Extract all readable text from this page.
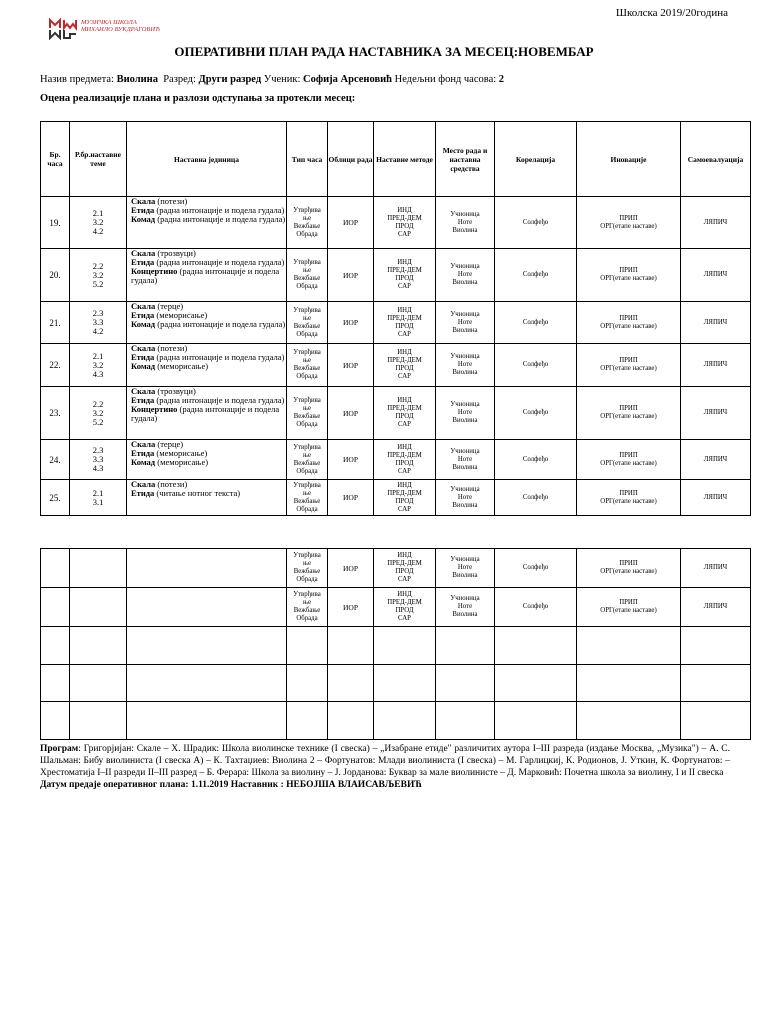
МУЗИЧКА ШКОЛА
МИХАИЛО ВУКДРАГОВИЋ
Школска 2019/20година
ОПЕРАТИВНИ ПЛАН РАДА НАСТАВНИКА ЗА МЕСЕЦ:НОВЕМБАР
Назив предмета: Виолина Разред: Други разред Ученик: Софија Арсеновић Недељни фонд часова: 2
Оцена реализације плана и разлози одступања за протекли месец:
Бр. часа	Р.бр.наставне теме	Наставна јединица	Тип часа	Облици рада	Наставне методе	Место рада и наставна средства	Корелација	Иновације	Самоевалуација
19.	2.1
3.2
4.2	Скала (потези)
Етида (радна интонације и подела гудала)
Комад (радна интонације и подела гудала)	Утврђива
ње
Вежбање
Обрада	ИОР	ИНД
ПРЕД-ДЕМ
ПРОД
САР	Учионица
Ноте
Виолина	Солфеђо	ПРИП
ОРГ(етапе наставе)	ЛЯПИЧ
20.	2.2
3.2
5.2	Скала (трозвуци)
Етида (радна интонације и подела гудала)
Концертино (радна интонације и подела гудала)	Утврђива
ње
Вежбање
Обрада	ИОР	ИНД
ПРЕД-ДЕМ
ПРОД
САР	Учионица
Ноте
Виолина	Солфеђо	ПРИП
ОРГ(етапе наставе)	ЛЯПИЧ
21.	2.3
3.3
4.2	Скала (терце)
Етида (меморисање)
Комад (радна интонације и подела гудала)	Утврђива
ње
Вежбање
Обрада	ИОР	ИНД
ПРЕД-ДЕМ
ПРОД
САР	Учионица
Ноте
Виолина	Солфеђо	ПРИП
ОРГ(етапе наставе)	ЛЯПИЧ
22.	2.1
3.2
4.3	Скала (потези)
Етида (радна интонације и подела гудала)
Комад (меморисање)	Утврђива
ње
Вежбање
Обрада	ИОР	ИНД
ПРЕД-ДЕМ
ПРОД
САР	Учионица
Ноте
Виолина	Солфеђо	ПРИП
ОРГ(етапе наставе)	ЛЯПИЧ
23.	2.2
3.2
5.2	Скала (трозвуци)
Етида (радна интонације и подела гудала)
Концертино (радна интонације и подела гудала)	Утврђива
ње
Вежбање
Обрада	ИОР	ИНД
ПРЕД-ДЕМ
ПРОД
САР	Учионица
Ноте
Виолина	Солфеђо	ПРИП
ОРГ(етапе наставе)	ЛЯПИЧ
24.	2.3
3.3
4.3	Скала (терце)
Етида (меморисање)
Комад (меморисање)	Утврђива
ње
Вежбање
Обрада	ИОР	ИНД
ПРЕД-ДЕМ
ПРОД
САР	Учионица
Ноте
Виолина	Солфеђо	ПРИП
ОРГ(етапе наставе)	ЛЯПИЧ
25.	2.1
3.1	Скала (потези)
Етида (читање нотног текста)	Утврђива
ње
Вежбање
Обрада	ИОР	ИНД
ПРЕД-ДЕМ
ПРОД
САР	Учионица
Ноте
Виолина	Солфеђо	ПРИП
ОРГ(етапе наставе)	ЛЯПИЧ

			Утврђива
ње
Вежбање
Обрада	ИОР	ИНД
ПРЕД-ДЕМ
ПРОД
САР	Учионица
Ноте
Виолина	Солфеђо	ПРИП
ОРГ(етапе наставе)	ЛЯПИЧ

			Утврђива
ње
Вежбање
Обрада	ИОР	ИНД
ПРЕД-ДЕМ
ПРОД
САР	Учионица
Ноте
Виолина	Солфеђо	ПРИП
ОРГ(етапе наставе)	ЛЯПИЧ

Програм: Григорјијан: Скале – Х. Шрадик: Школа виолинске технике (I свеска) – „Изабране етиде" различитих аутора I–III разреда (издање Москва, „Музика") – А. С. Шальман: Бибу виолиниста (I свеска А) – К. Тахтаџиев: Виолина 2 – Фортунатов: Млади виолиниста (I свеска) – М. Гарлицкиј, К. Родионов, Ј. Уткин, К. Фортунатов: – Хрестоматија I–II разреди II–III разред – Б. Ферара: Школа за виолину – Ј. Јорданова: Буквар за мале виолинисте – Д. Марковић: Почетна школа за виолину, I и II свеска
Датум предаје оперативног плана: 1.11.2019 Наставник : НЕБОЈША ВЛАИСАВЉЕВИЋ
